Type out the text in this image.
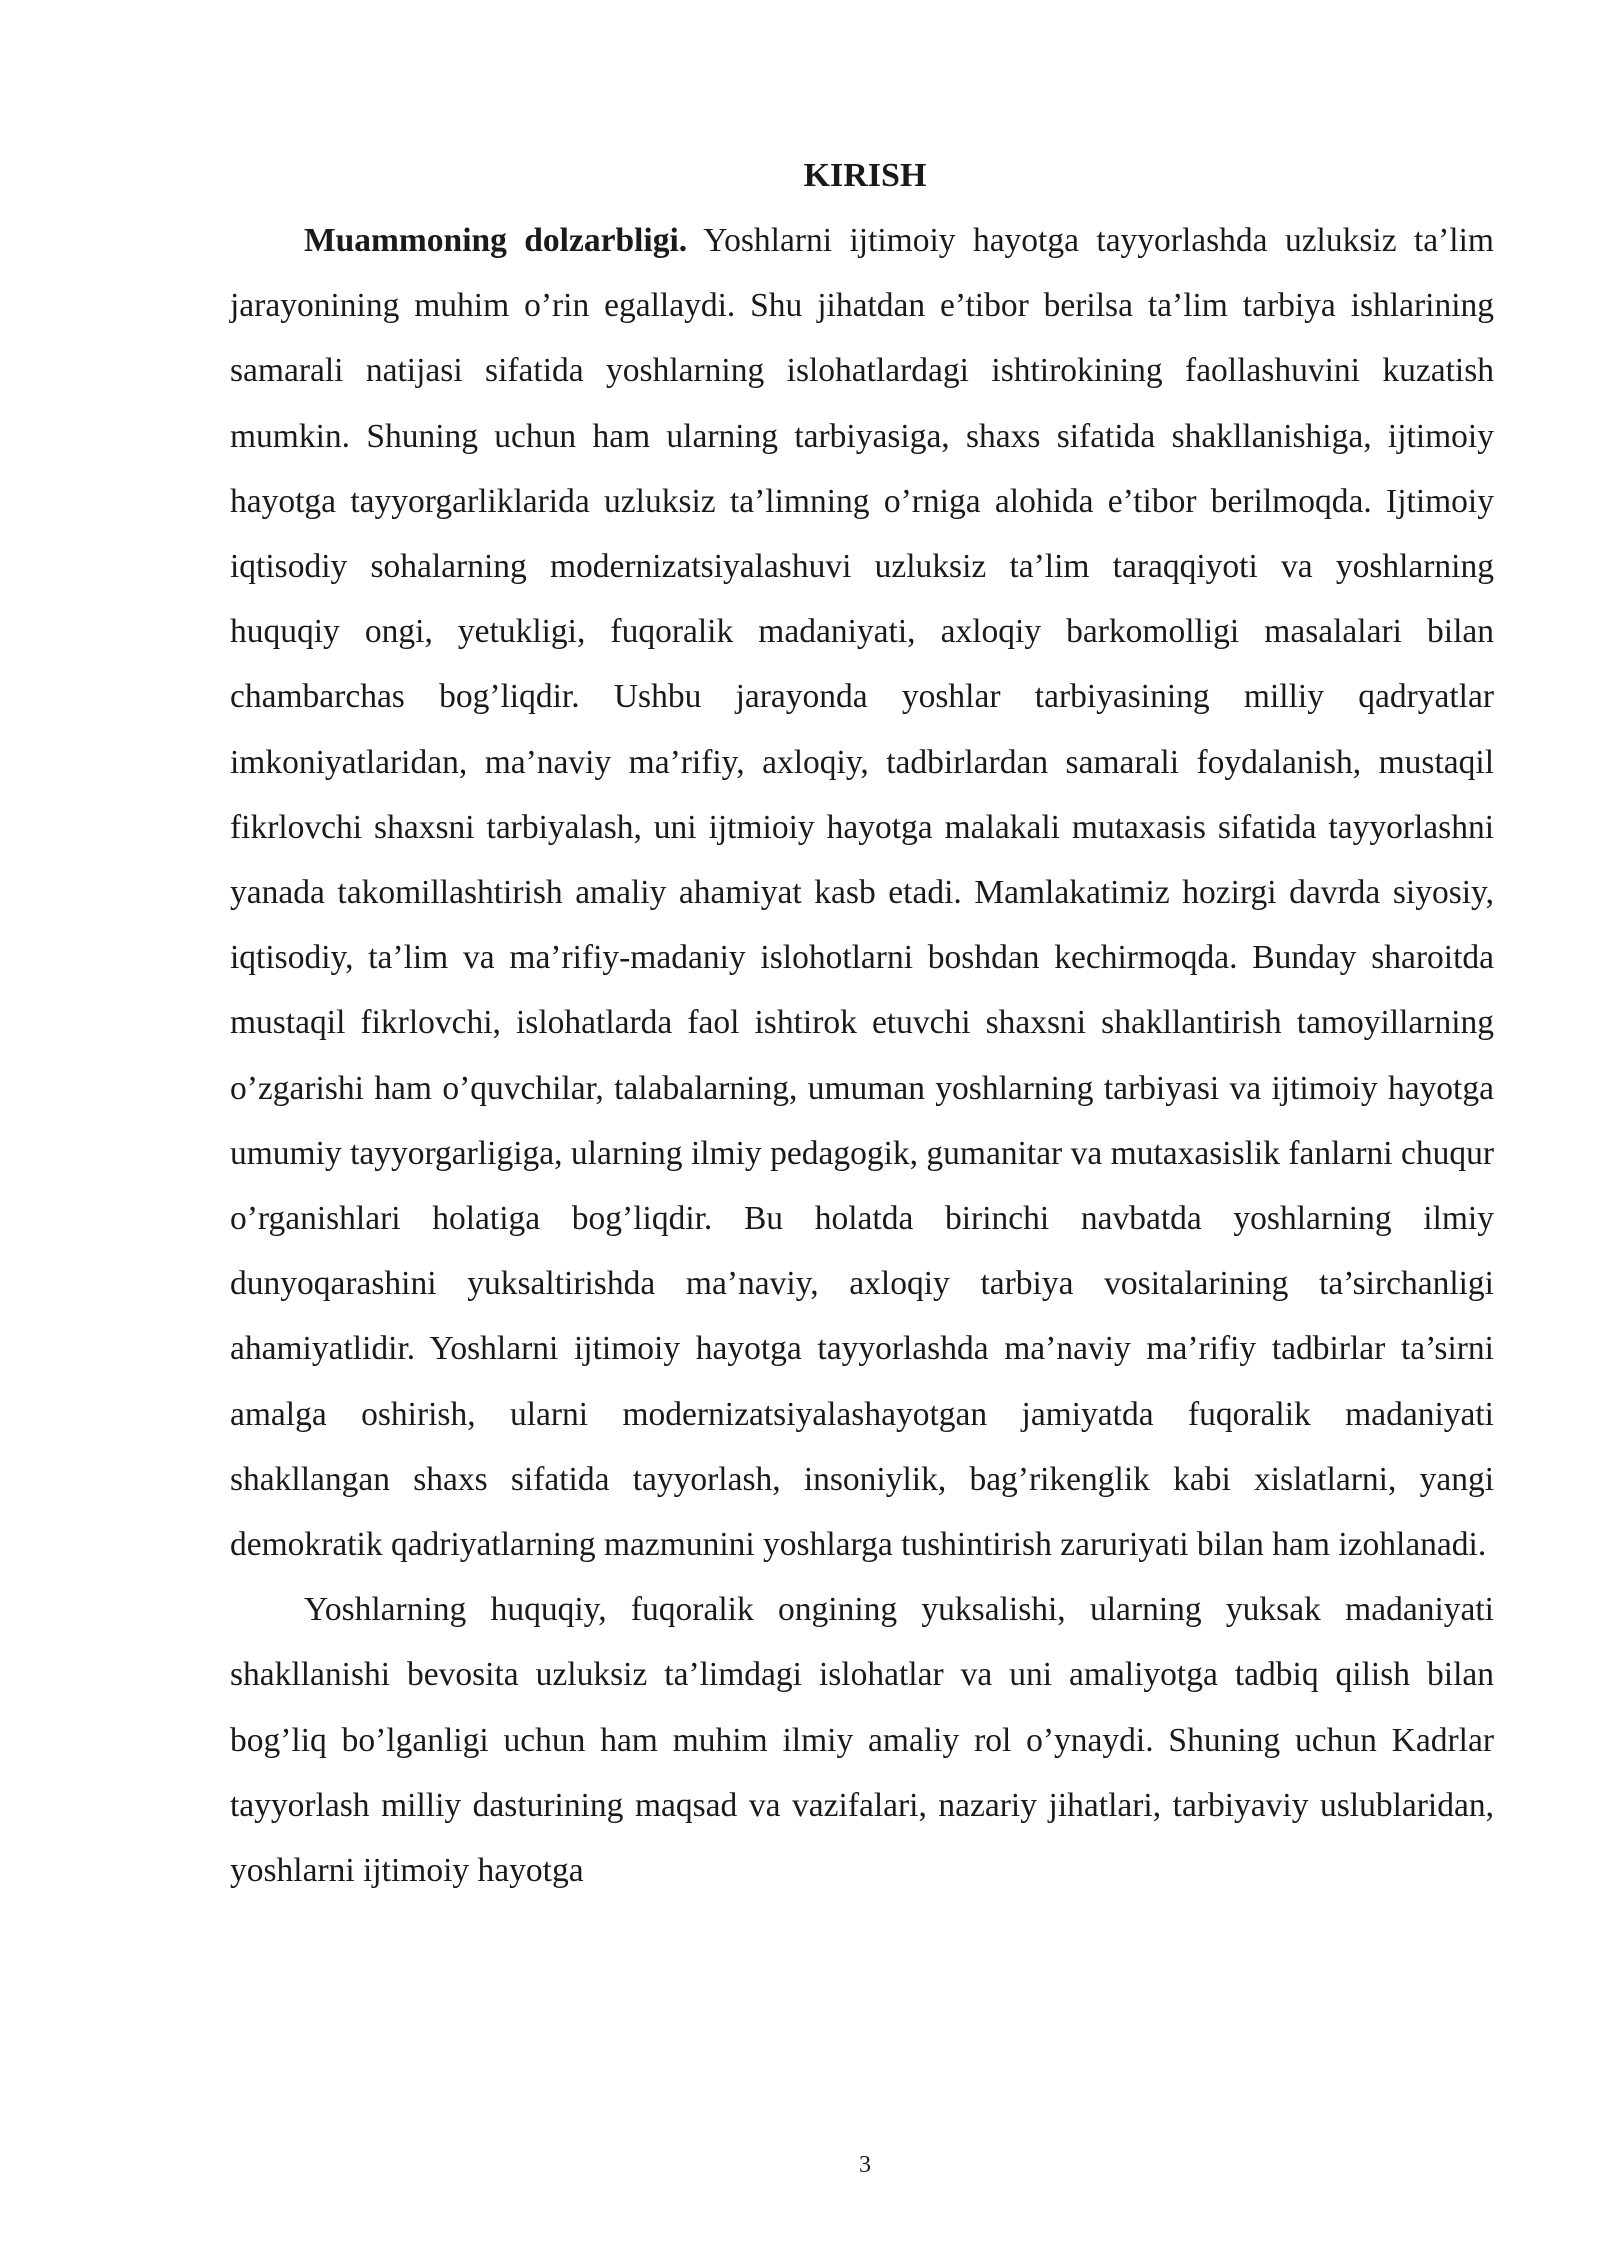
KIRISH

Muammoning dolzarbligi. Yoshlarni ijtimoiy hayotga tayyorlashda uzluksiz ta’lim jarayonining muhim o’rin egallaydi. Shu jihatdan e’tibor berilsa ta’lim tarbiya ishlarining samarali natijasi sifatida yoshlarning islohatlardagi ishtirokining faollashuvini kuzatish mumkin. Shuning uchun ham ularning tarbiyasiga, shaxs sifatida shakllanishiga, ijtimoiy hayotga tayyorgarliklarida uzluksiz ta’limning o’rniga alohida e’tibor berilmoqda. Ijtimoiy iqtisodiy sohalarning modernizatsiyalashuvi uzluksiz ta’lim taraqqiyoti va yoshlarning huquqiy ongi, yetukligi, fuqoralik madaniyati, axloqiy barkomolligi masalalari bilan chambarchas bog’liqdir. Ushbu jarayonda yoshlar tarbiyasining milliy qadryatlar imkoniyatlaridan, ma’naviy ma’rifiy, axloqiy, tadbirlardan samarali foydalanish, mustaqil fikrlovchi shaxsni tarbiyalash, uni ijtmioiy hayotga malakali mutaxasis sifatida tayyorlashni yanada takomillashtirish amaliy ahamiyat kasb etadi. Mamlakatimiz hozirgi davrda siyosiy, iqtisodiy, ta’lim va ma’rifiy-madaniy islohotlarni boshdan kechirmoqda. Bunday sharoitda mustaqil fikrlovchi, islohatlarda faol ishtirok etuvchi shaxsni shakllantirish tamoyillarning o’zgarishi ham o’quvchilar, talabalarning, umuman yoshlarning tarbiyasi va ijtimoiy hayotga umumiy tayyorgarligiga, ularning ilmiy pedagogik, gumanitar va mutaxasislik fanlarni chuqur o’rganishlari holatiga bog’liqdir. Bu holatda birinchi navbatda yoshlarning ilmiy dunyoqarashini yuksaltirishda ma’naviy, axloqiy tarbiya vositalarining ta’sirchanligi ahamiyatlidir. Yoshlarni ijtimoiy hayotga tayyorlashda ma’naviy ma’rifiy tadbirlar ta’sirni amalga oshirish, ularni modernizatsiyalashayotgan jamiyatda fuqoralik madaniyati shakllangan shaxs sifatida tayyorlash, insoniylik, bag’rikenglik kabi xislatlarni, yangi demokratik qadriyatlarning mazmunini yoshlarga tushintirish zaruriyati bilan ham izohlanadi.

Yoshlarning huquqiy, fuqoralik ongining yuksalishi, ularning yuksak madaniyati shakllanishi bevosita uzluksiz ta’limdagi islohatlar va uni amaliyotga tadbiq qilish bilan bog’liq bo’lganligi uchun ham muhim ilmiy amaliy rol o’ynaydi. Shuning uchun Kadrlar tayyorlash milliy dasturining maqsad va vazifalari, nazariy jihatlari, tarbiyaviy uslublaridan, yoshlarni ijtimoiy hayotga

3
